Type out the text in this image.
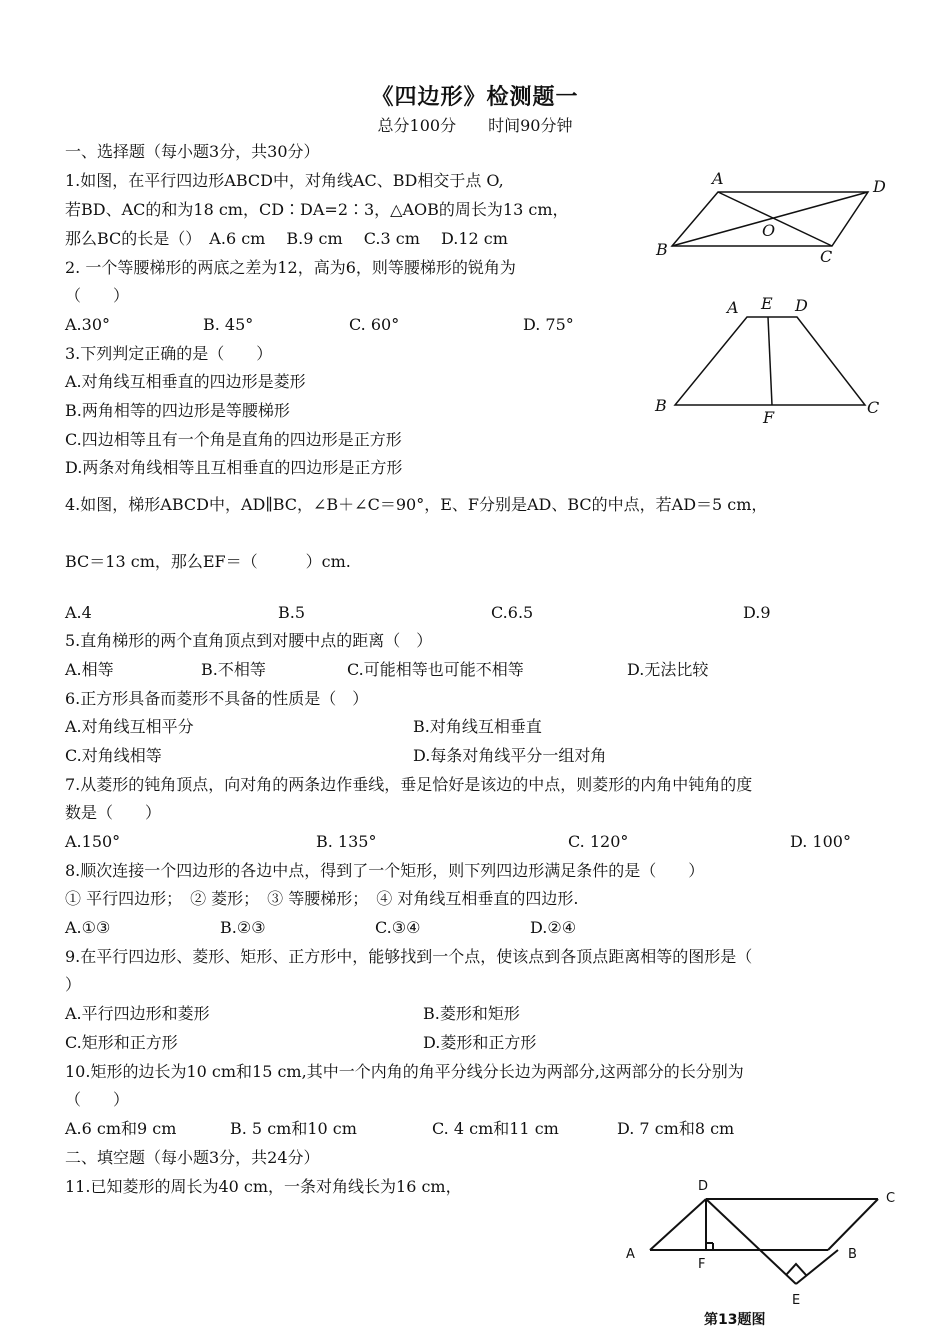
《四边形》检测题一
总分100分　　时间90分钟
一、选择题（每小题3分，共30分）
1.如图，在平行四边形ABCD中，对角线AC、BD相交于点 O,
若BD、AC的和为18 cm，CD∶DA=2∶3，△AOB的周长为13 cm，
那么BC的长是（）　A.6 cm　 B.9 cm　 C.3 cm　 D.12 cm
A	D
B	C
O
2. 一个等腰梯形的两底之差为12，高为6，则等腰梯形的锐角为
（　　）
A.30°	B. 45°	C. 60°	D. 75°
A E D
B
F
C
3.下列判定正确的是（　　）
A.对角线互相垂直的四边形是菱形
B.两角相等的四边形是等腰梯形
C.四边相等且有一个角是直角的四边形是正方形
D.两条对角线相等且互相垂直的四边形是正方形
4.如图，梯形ABCD中，AD∥BC，∠B＋∠C＝90°，E、F分别是AD、BC的中点，若AD＝5 cm，
BC＝13 cm，那么EF＝（　　　）cm.
A.4	B.5	C.6.5	D.9
5.直角梯形的两个直角顶点到对腰中点的距离（　）
A.相等	B.不相等	C.可能相等也可能不相等	D.无法比较
6.正方形具备而菱形不具备的性质是（　）
A.对角线互相平分	B.对角线互相垂直
C.对角线相等	D.每条对角线平分一组对角
7.从菱形的钝角顶点，向对角的两条边作垂线，垂足恰好是该边的中点，则菱形的内角中钝角的度
数是（　　）
A.150°	B. 135°	C. 120°	D. 100°
8.顺次连接一个四边形的各边中点，得到了一个矩形，则下列四边形满足条件的是（　　）
① 平行四边形；　② 菱形；　③ 等腰梯形；　④ 对角线互相垂直的四边形.
A.①③	B.②③	C.③④	D.②④
9.在平行四边形、菱形、矩形、正方形中，能够找到一个点，使该点到各顶点距离相等的图形是（
）
A.平行四边形和菱形	B.菱形和矩形
C.矩形和正方形	D.菱形和正方形
10.矩形的边长为10 cm和15 cm,其中一个内角的角平分线分长边为两部分,这两部分的长分别为
（　　）
A.6 cm和9 cm	B. 5 cm和10 cm	C. 4 cm和11 cm	D. 7 cm和8 cm
二、填空题（每小题3分，共24分）
11.已知菱形的周长为40 cm，一条对角线长为16 cm，	D
C
A
F
B
E
第13题图
